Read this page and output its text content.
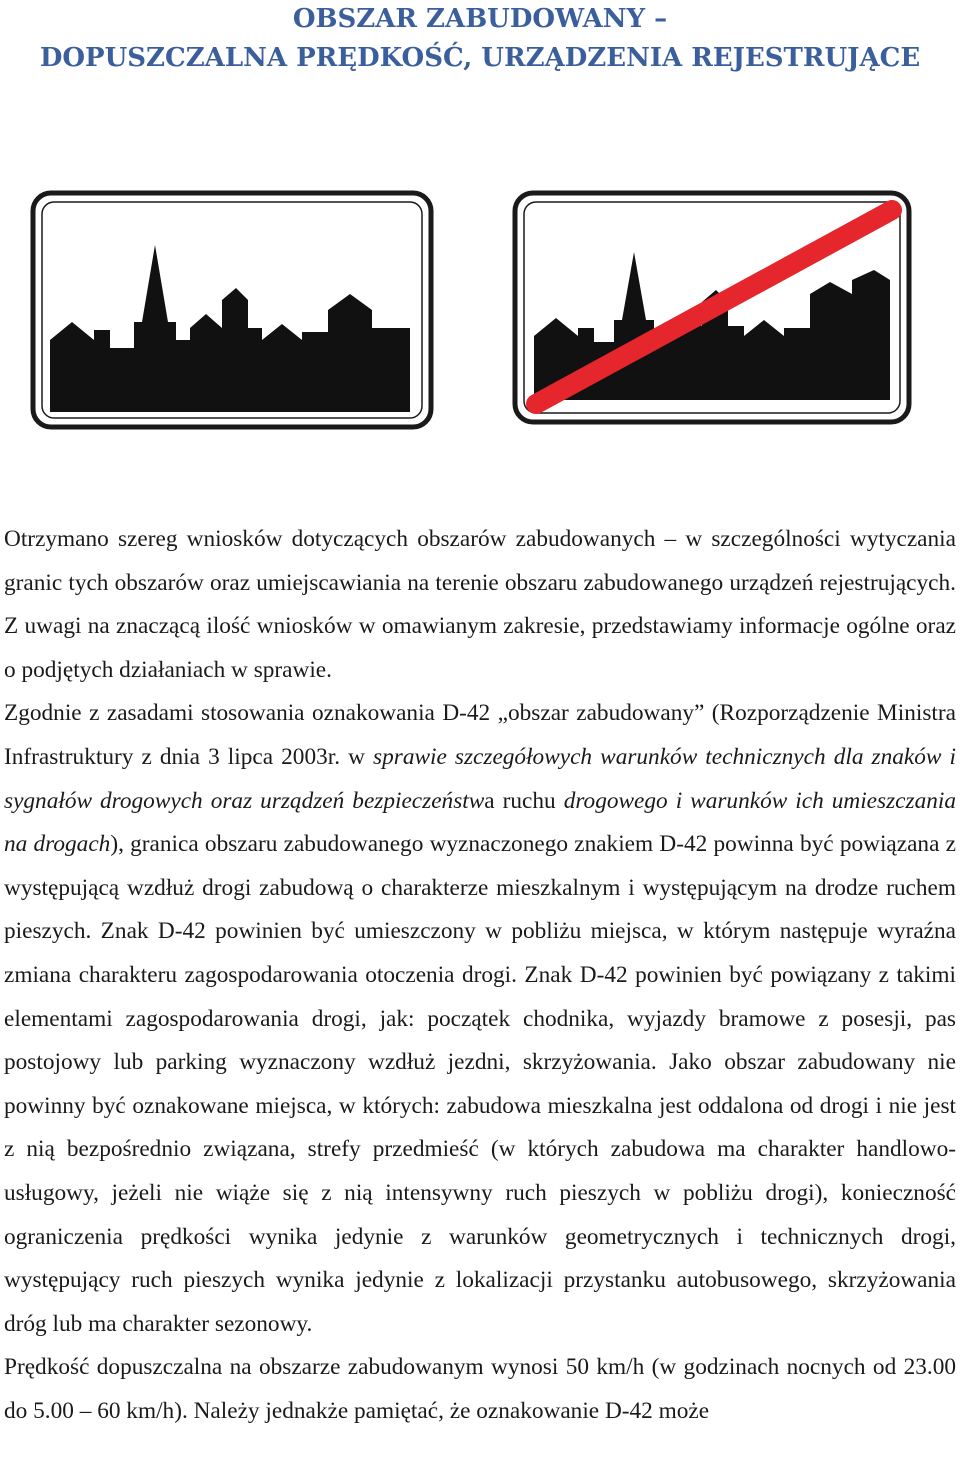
OBSZAR ZABUDOWANY –
DOPUSZCZALNA PRĘDKOŚĆ, URZĄDZENIA REJESTRUJĄCE

Otrzymano szereg wniosków dotyczących obszarów zabudowanych – w szczególności wytyczania granic tych obszarów oraz umiejscawiania na terenie obszaru zabudowanego urządzeń rejestrujących. Z uwagi na znaczącą ilość wniosków w omawianym zakresie, przedstawiamy informacje ogólne oraz o podjętych działaniach w sprawie.

Zgodnie z zasadami stosowania oznakowania D-42 „obszar zabudowany” (Rozporządzenie Ministra Infrastruktury z dnia 3 lipca 2003r. w sprawie szczegółowych warunków technicznych dla znaków i sygnałów drogowych oraz urządzeń bezpieczeństwa ruchu drogowego i warunków ich umieszczania na drogach), granica obszaru zabudowanego wyznaczonego znakiem D-42 powinna być powiązana z występującą wzdłuż drogi zabudową o charakterze mieszkalnym i występującym na drodze ruchem pieszych. Znak D-42 powinien być umieszczony w pobliżu miejsca, w którym następuje wyraźna zmiana charakteru zagospodarowania otoczenia drogi. Znak D-42 powinien być powiązany z takimi elementami zagospodarowania drogi, jak: początek chodnika, wyjazdy bramowe z posesji, pas postojowy lub parking wyznaczony wzdłuż jezdni, skrzyżowania. Jako obszar zabudowany nie powinny być oznakowane miejsca, w których: zabudowa mieszkalna jest oddalona od drogi i nie jest z nią bezpośrednio związana, strefy przedmieść (w których zabudowa ma charakter handlowo-usługowy, jeżeli nie wiąże się z nią intensywny ruch pieszych w pobliżu drogi), konieczność ograniczenia prędkości wynika jedynie z warunków geometrycznych i technicznych drogi, występujący ruch pieszych wynika jedynie z lokalizacji przystanku autobusowego, skrzyżowania dróg lub ma charakter sezonowy.

Prędkość dopuszczalna na obszarze zabudowanym wynosi 50 km/h (w godzinach nocnych od 23.00 do 5.00 – 60 km/h). Należy jednakże pamiętać, że oznakowanie D-42 może
